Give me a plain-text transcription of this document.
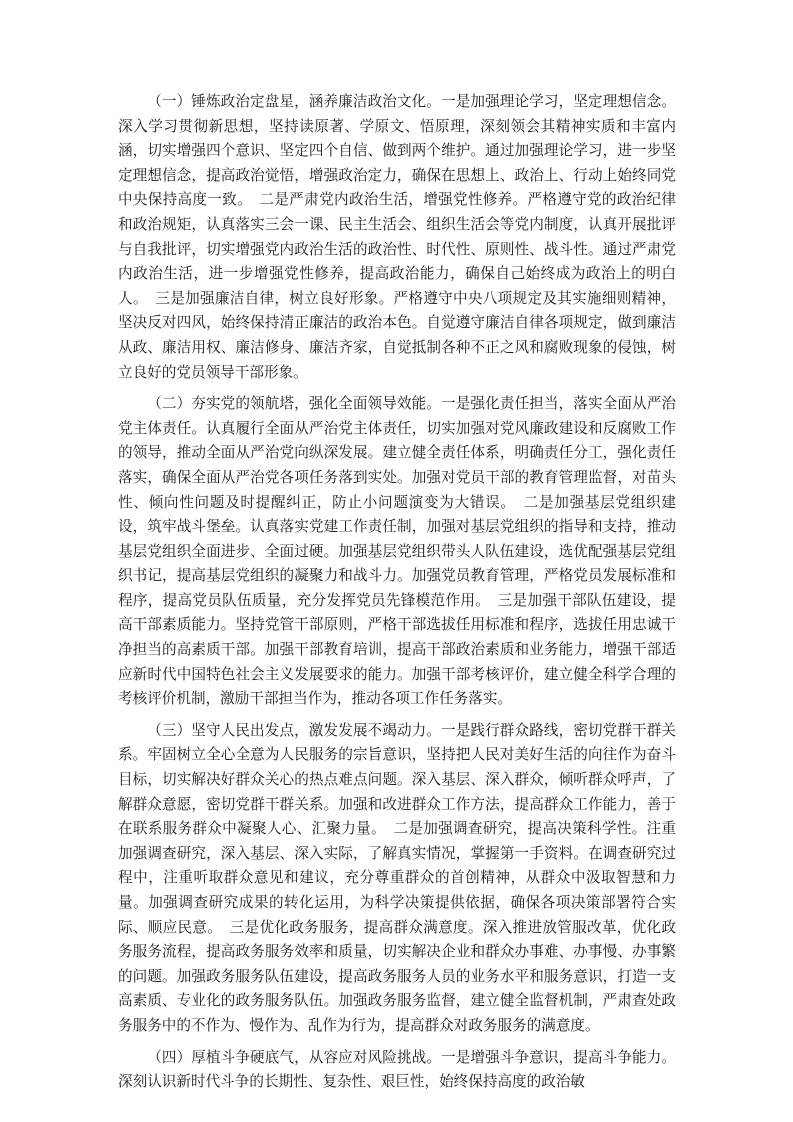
（一）锤炼政治定盘星，涵养廉洁政治文化。一是加强理论学习，坚定理想信念。深入学习贯彻新思想，坚持读原著、学原文、悟原理，深刻领会其精神实质和丰富内涵，切实增强四个意识、坚定四个自信、做到两个维护。通过加强理论学习，进一步坚定理想信念，提高政治觉悟，增强政治定力，确保在思想上、政治上、行动上始终同党中央保持高度一致。　二是严肃党内政治生活，增强党性修养。严格遵守党的政治纪律和政治规矩，认真落实三会一课、民主生活会、组织生活会等党内制度，认真开展批评与自我批评，切实增强党内政治生活的政治性、时代性、原则性、战斗性。通过严肃党内政治生活，进一步增强党性修养，提高政治能力，确保自己始终成为政治上的明白人。　三是加强廉洁自律，树立良好形象。严格遵守中央八项规定及其实施细则精神，坚决反对四风，始终保持清正廉洁的政治本色。自觉遵守廉洁自律各项规定，做到廉洁从政、廉洁用权、廉洁修身、廉洁齐家，自觉抵制各种不正之风和腐败现象的侵蚀，树立良好的党员领导干部形象。

（二）夯实党的领航塔，强化全面领导效能。一是强化责任担当，落实全面从严治党主体责任。认真履行全面从严治党主体责任，切实加强对党风廉政建设和反腐败工作的领导，推动全面从严治党向纵深发展。建立健全责任体系，明确责任分工，强化责任落实，确保全面从严治党各项任务落到实处。加强对党员干部的教育管理监督，对苗头性、倾向性问题及时提醒纠正，防止小问题演变为大错误。　二是加强基层党组织建设，筑牢战斗堡垒。认真落实党建工作责任制，加强对基层党组织的指导和支持，推动基层党组织全面进步、全面过硬。加强基层党组织带头人队伍建设，选优配强基层党组织书记，提高基层党组织的凝聚力和战斗力。加强党员教育管理，严格党员发展标准和程序，提高党员队伍质量，充分发挥党员先锋模范作用。　三是加强干部队伍建设，提高干部素质能力。坚持党管干部原则，严格干部选拔任用标准和程序，选拔任用忠诚干净担当的高素质干部。加强干部教育培训，提高干部政治素质和业务能力，增强干部适应新时代中国特色社会主义发展要求的能力。加强干部考核评价，建立健全科学合理的考核评价机制，激励干部担当作为，推动各项工作任务落实。

（三）坚守人民出发点，激发发展不竭动力。一是践行群众路线，密切党群干群关系。牢固树立全心全意为人民服务的宗旨意识，坚持把人民对美好生活的向往作为奋斗目标，切实解决好群众关心的热点难点问题。深入基层、深入群众，倾听群众呼声，了解群众意愿，密切党群干群关系。加强和改进群众工作方法，提高群众工作能力，善于在联系服务群众中凝聚人心、汇聚力量。　二是加强调查研究，提高决策科学性。注重加强调查研究，深入基层、深入实际，了解真实情况，掌握第一手资料。在调查研究过程中，注重听取群众意见和建议，充分尊重群众的首创精神，从群众中汲取智慧和力量。加强调查研究成果的转化运用，为科学决策提供依据，确保各项决策部署符合实际、顺应民意。　三是优化政务服务，提高群众满意度。深入推进放管服改革，优化政务服务流程，提高政务服务效率和质量，切实解决企业和群众办事难、办事慢、办事繁的问题。加强政务服务队伍建设，提高政务服务人员的业务水平和服务意识，打造一支高素质、专业化的政务服务队伍。加强政务服务监督，建立健全监督机制，严肃查处政务服务中的不作为、慢作为、乱作为行为，提高群众对政务服务的满意度。

（四）厚植斗争硬底气，从容应对风险挑战。一是增强斗争意识，提高斗争能力。深刻认识新时代斗争的长期性、复杂性、艰巨性，始终保持高度的政治敏
